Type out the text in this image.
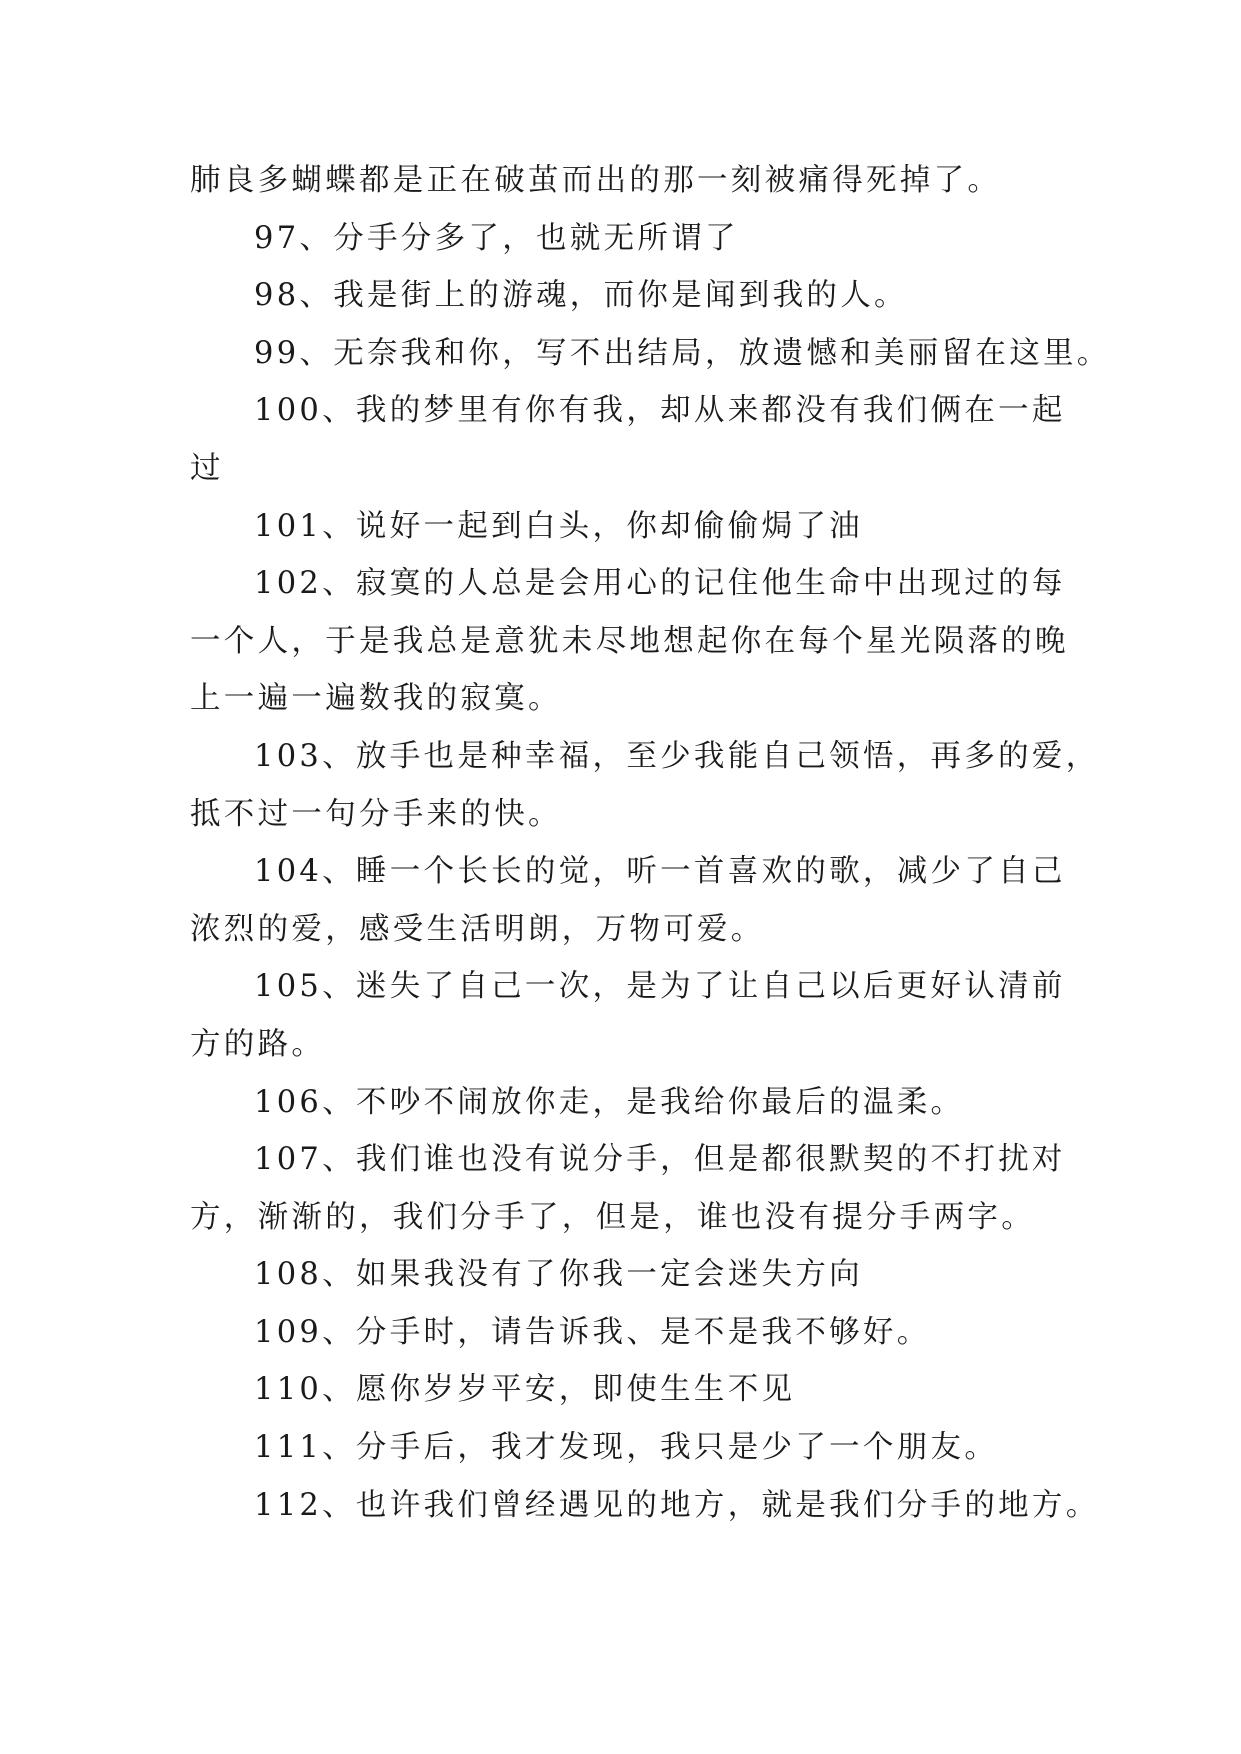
肺良多蝴蝶都是正在破茧而出的那一刻被痛得死掉了。
97、分手分多了，也就无所谓了
98、我是街上的游魂，而你是闻到我的人。
99、无奈我和你，写不出结局，放遗憾和美丽留在这里。
100、我的梦里有你有我，却从来都没有我们俩在一起
过
101、说好一起到白头，你却偷偷焗了油
102、寂寞的人总是会用心的记住他生命中出现过的每
一个人，于是我总是意犹未尽地想起你在每个星光陨落的晚
上一遍一遍数我的寂寞。
103、放手也是种幸福，至少我能自己领悟，再多的爱，
抵不过一句分手来的快。
104、睡一个长长的觉，听一首喜欢的歌，减少了自己
浓烈的爱，感受生活明朗，万物可爱。
105、迷失了自己一次，是为了让自己以后更好认清前
方的路。
106、不吵不闹放你走，是我给你最后的温柔。
107、我们谁也没有说分手，但是都很默契的不打扰对
方，渐渐的，我们分手了，但是，谁也没有提分手两字。
108、如果我没有了你我一定会迷失方向
109、分手时，请告诉我、是不是我不够好。
110、愿你岁岁平安，即使生生不见
111、分手后，我才发现，我只是少了一个朋友。
112、也许我们曾经遇见的地方，就是我们分手的地方。
